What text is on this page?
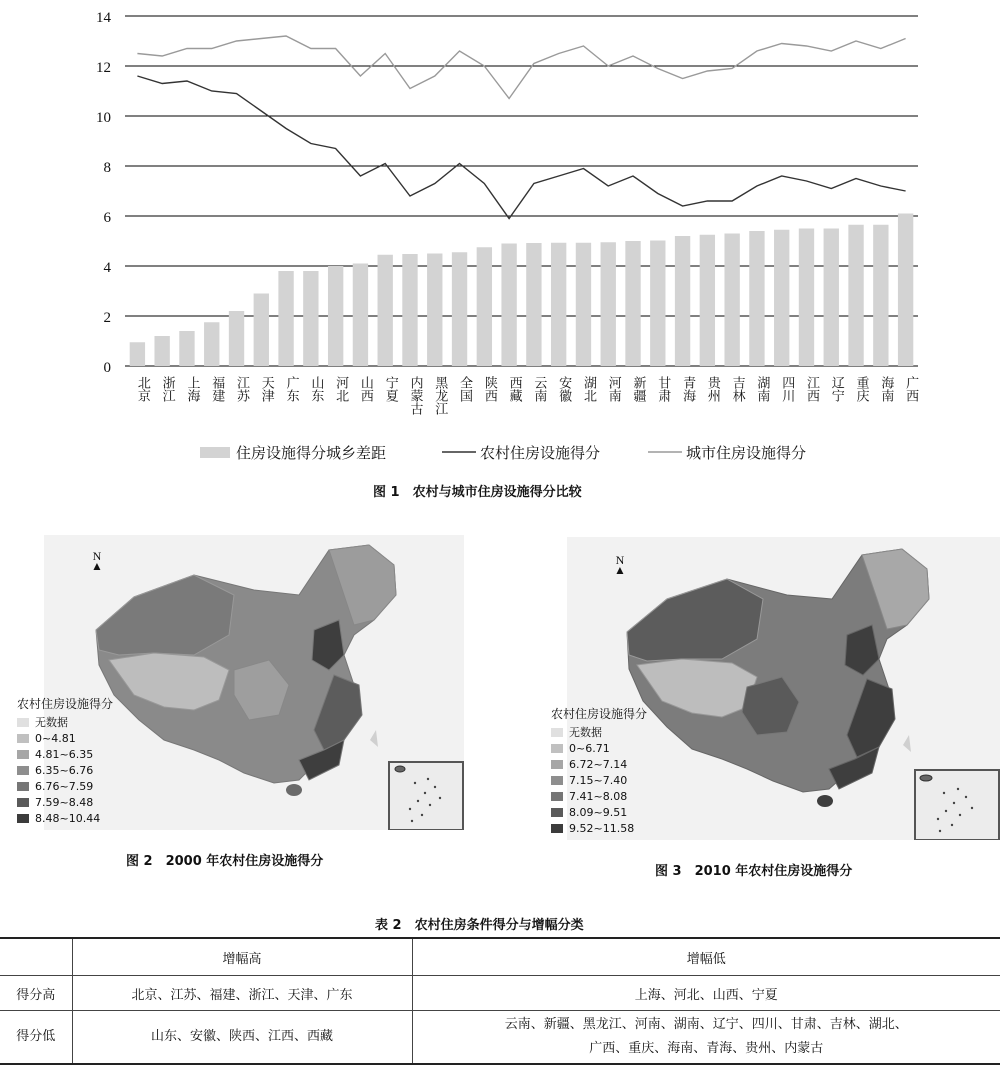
0
2
4
6
8
10
12
14
北京 浙江 上海 福建 江苏 天津 广东 山东 河北 山西 宁夏 内蒙古 黑龙江 全国 陕西 西藏 云南 安徽 湖北 河南 新疆 甘肃 青海 贵州 吉林 湖南 四川 江西 辽宁 重庆 海南 广西
住房设施得分城乡差距	农村住房设施得分	城市住房设施得分
图 1　农村与城市住房设施得分比较
N
▲
农村住房设施得分
无数据
0~4.81
4.81~6.35
6.35~6.76
6.76~7.59
7.59~8.48
8.48~10.44
图 2　2000 年农村住房设施得分
N
▲
农村住房设施得分
无数据
0~6.71
6.72~7.14
7.15~7.40
7.41~8.08
8.09~9.51
9.52~11.58
图 3　2010 年农村住房设施得分
表 2　农村住房条件得分与增幅分类
	增幅高	增幅低
得分高	北京、江苏、福建、浙江、天津、广东	上海、河北、山西、宁夏
得分低	山东、安徽、陕西、江西、西藏	云南、新疆、黑龙江、河南、湖南、辽宁、四川、甘肃、吉林、湖北、
广西、重庆、海南、青海、贵州、内蒙古
